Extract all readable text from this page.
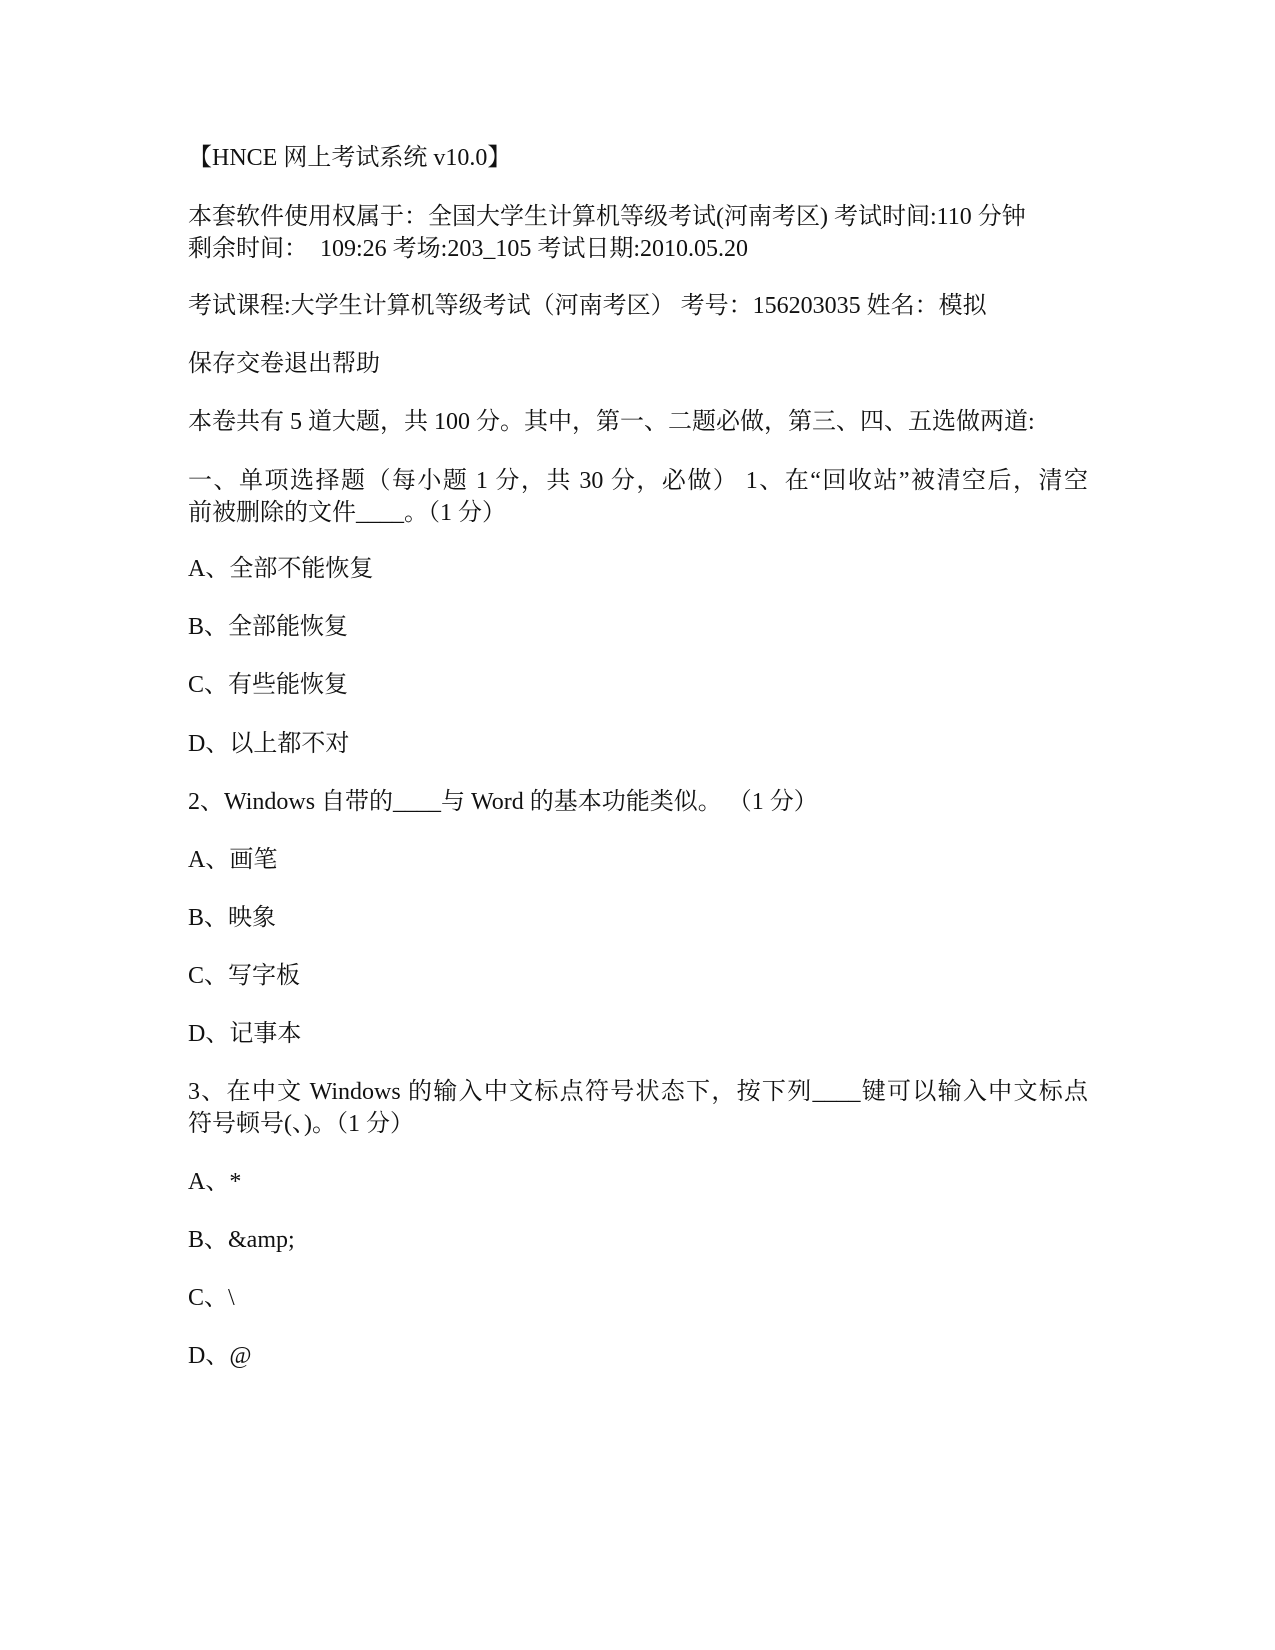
【HNCE 网上考试系统 v10.0】
本套软件使用权属于：全国大学生计算机等级考试(河南考区) 考试时间:110 分钟
剩余时间：  109:26 考场:203_105 考试日期:2010.05.20
考试课程:大学生计算机等级考试（河南考区） 考号：156203035 姓名：模拟
保存交卷退出帮助
本卷共有 5 道大题，共 100 分。其中，第一、二题必做，第三、四、五选做两道:
一、单项选择题（每小题 1 分，共 30 分，必做） 1、在“回收站”被清空后，清空
前被删除的文件____。（1 分）
A、全部不能恢复
B、全部能恢复
C、有些能恢复
D、以上都不对
2、Windows 自带的____与 Word 的基本功能类似。 （1 分）
A、画笔
B、映象
C、写字板
D、记事本
3、在中文 Windows 的输入中文标点符号状态下，按下列____键可以输入中文标点
符号顿号(、)。（1 分）
A、*
B、&amp;
C、\
D、@
